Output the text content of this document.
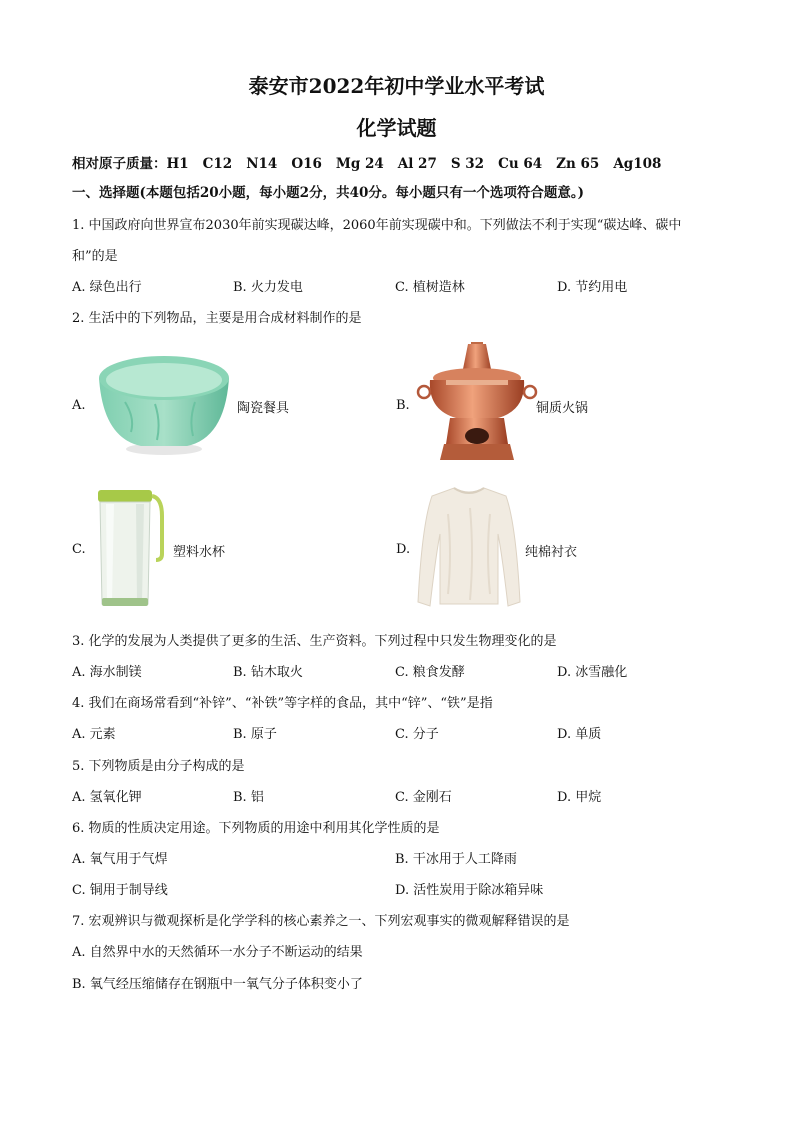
泰安市2022年初中学业水平考试
化学试题
相对原子质量：H1 C12 N14 O16 Mg 24 Al 27 S 32 Cu 64 Zn 65 Ag108
一、选择题(本题包括20小题，每小题2分，共40分。每小题只有一个选项符合题意。)
1. 中国政府向世界宣布2030年前实现碳达峰，2060年前实现碳中和。下列做法不利于实现“碳达峰、碳中
和”的是
A. 绿色出行	B. 火力发电	C. 植树造林	D. 节约用电
2. 生活中的下列物品，主要是用合成材料制作的是
A.	陶瓷餐具	B.	铜质火锅
C.	塑料水杯	D.	纯棉衬衣
3. 化学的发展为人类提供了更多的生活、生产资料。下列过程中只发生物理变化的是
A. 海水制镁	B. 钻木取火	C. 粮食发酵	D. 冰雪融化
4. 我们在商场常看到“补锌”、“补铁”等字样的食品，其中“锌”、“铁”是指
A. 元素	B. 原子	C. 分子	D. 单质
5. 下列物质是由分子构成的是
A. 氢氧化钾	B. 铝	C. 金刚石	D. 甲烷
6. 物质的性质决定用途。下列物质的用途中利用其化学性质的是
A. 氧气用于气焊	B. 干冰用于人工降雨
C. 铜用于制导线	D. 活性炭用于除冰箱异味
7. 宏观辨识与微观探析是化学学科的核心素养之一、下列宏观事实的微观解释错误的是
A. 自然界中水的天然循环一水分子不断运动的结果
B. 氧气经压缩储存在钢瓶中一氧气分子体积变小了
